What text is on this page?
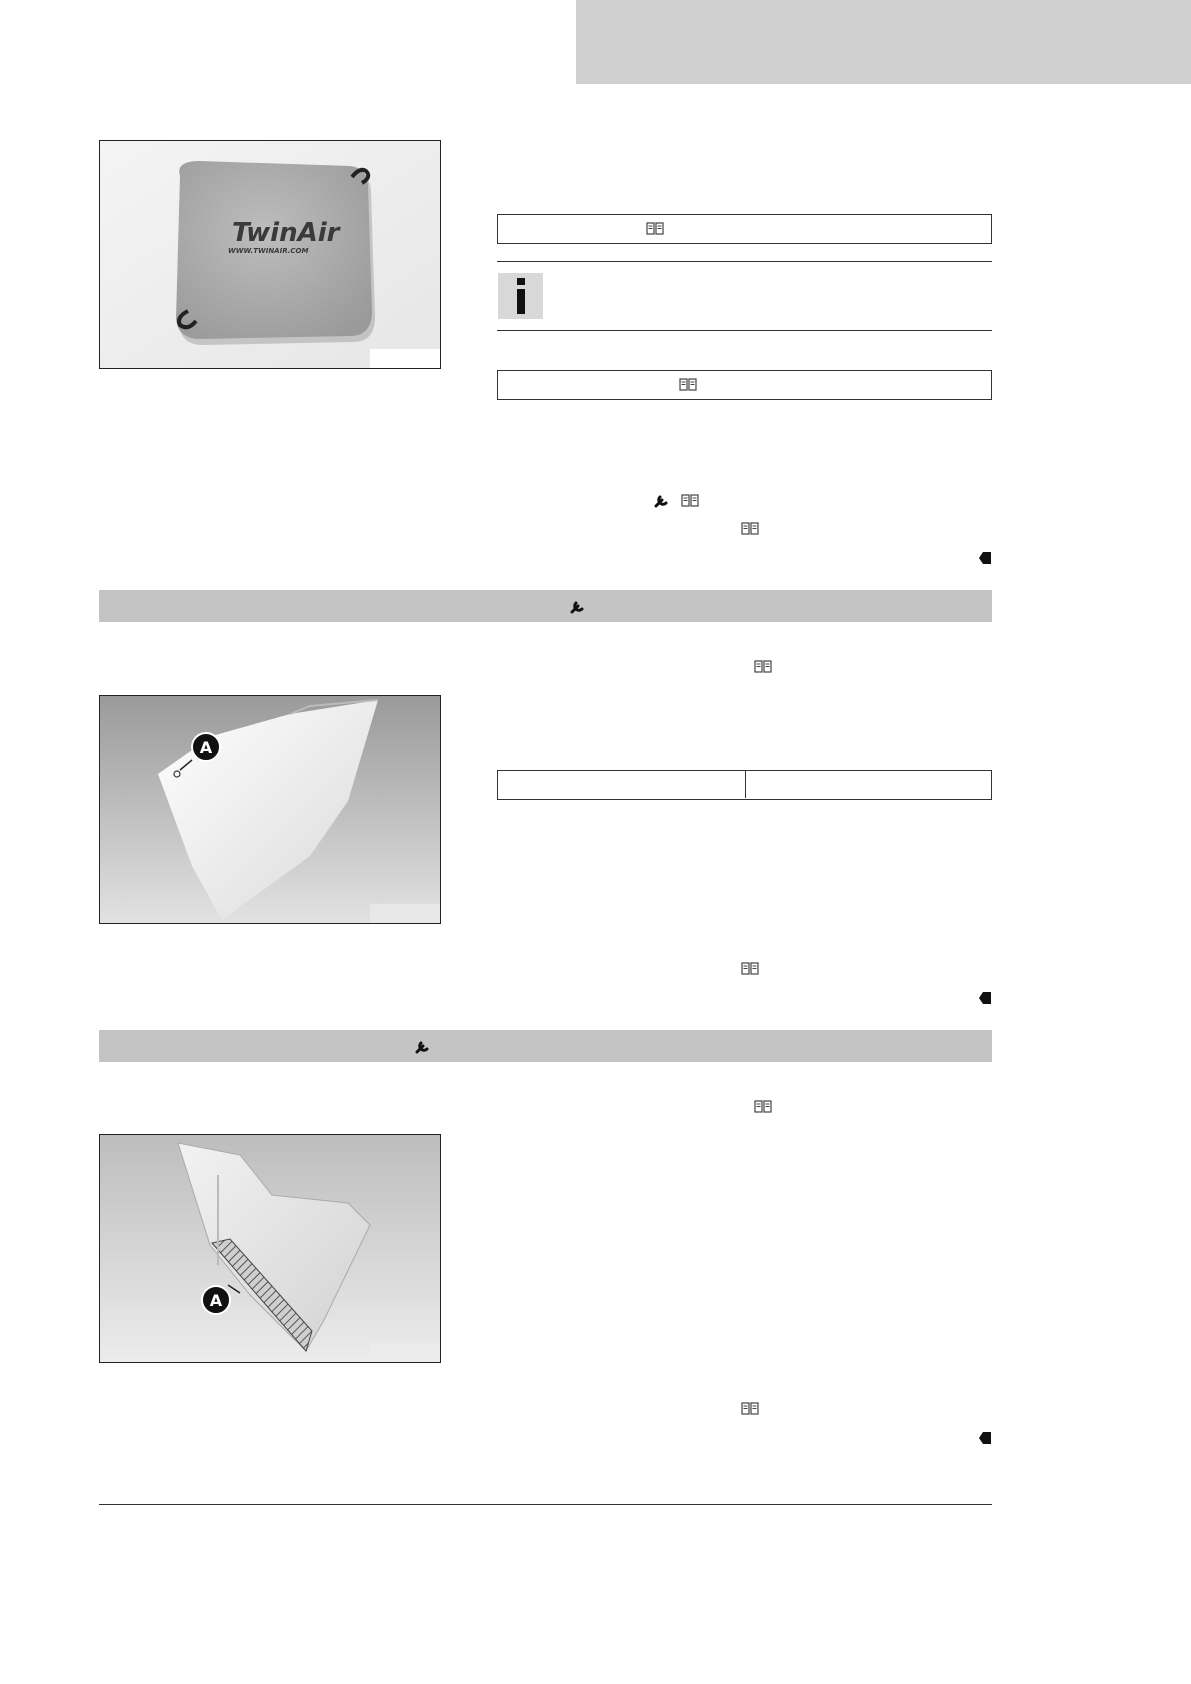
TwinAir
WWW.TWINAIR.COM
A
A
